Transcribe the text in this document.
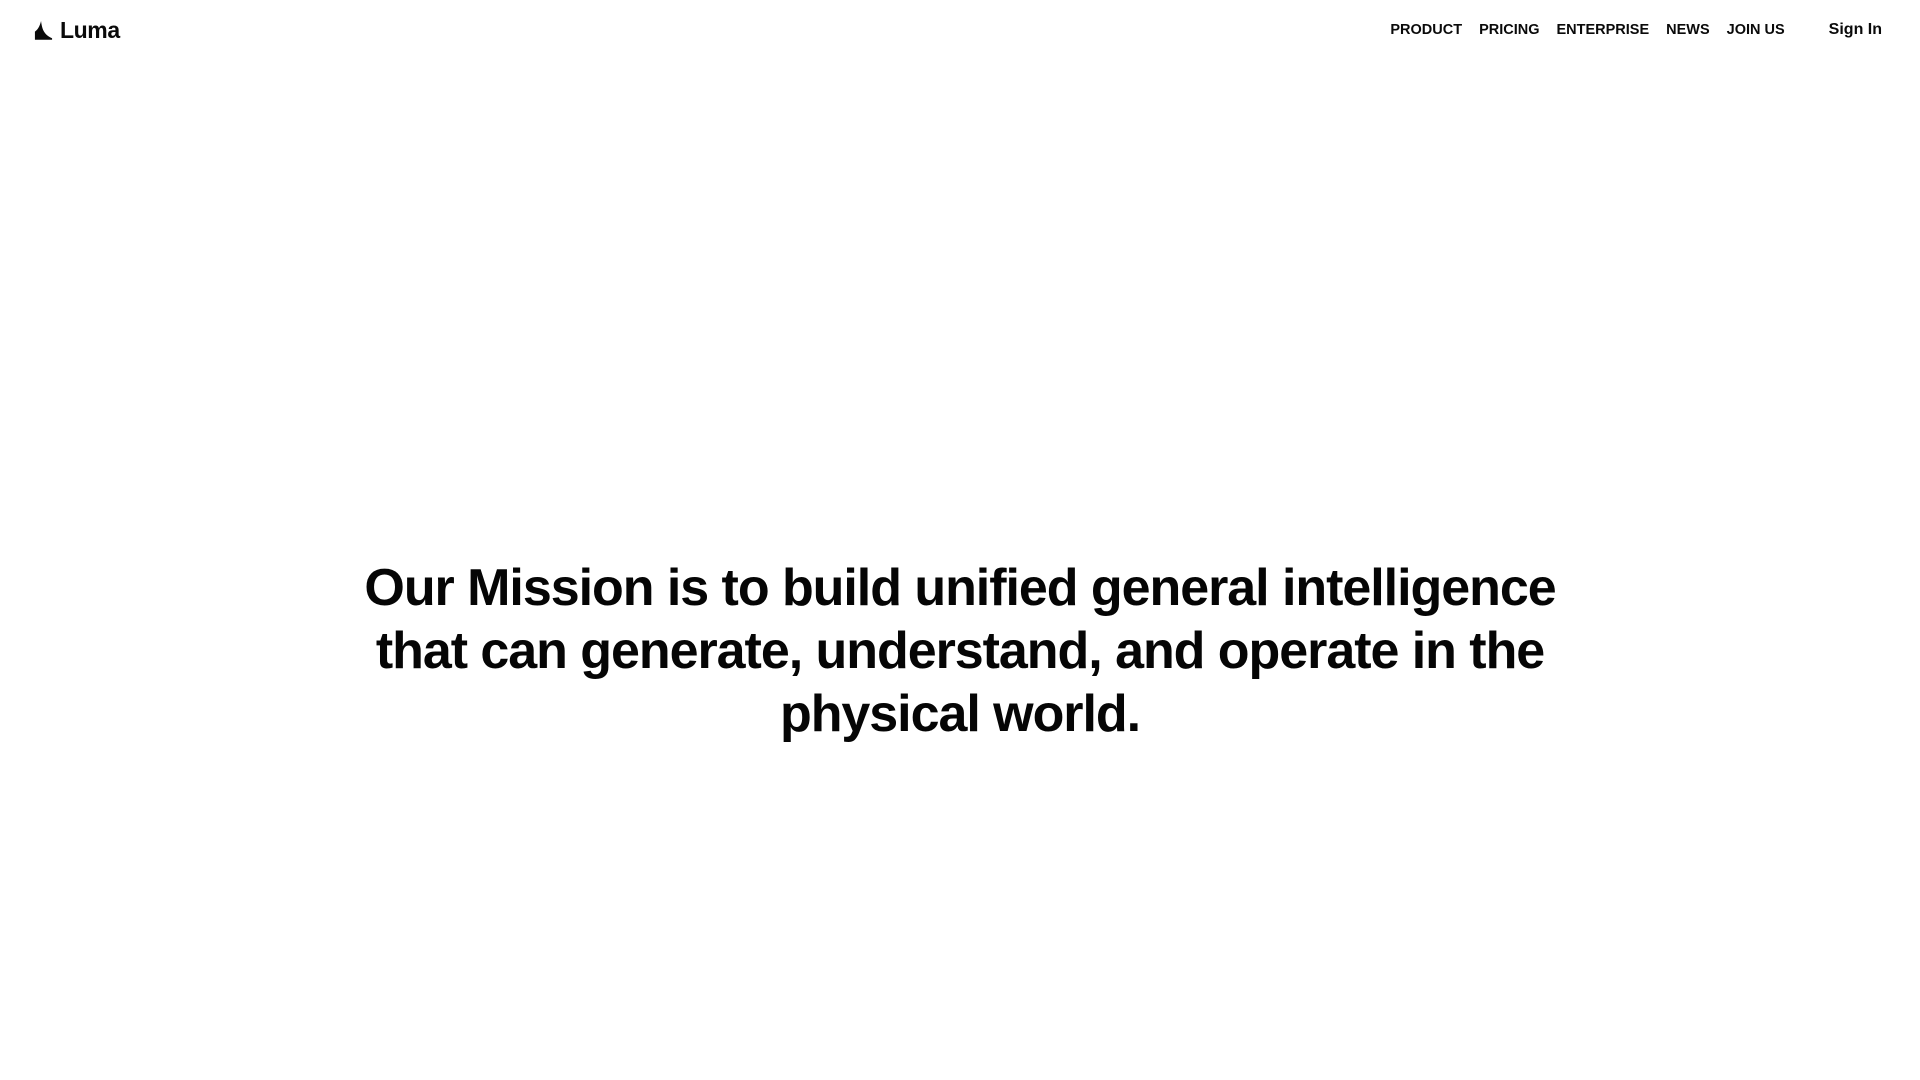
Luma	PRODUCT PRICING ENTERPRISE NEWS JOIN US	Sign In
Our Mission is to build unified general intelligence
that can generate, understand, and operate in the
physical world.
